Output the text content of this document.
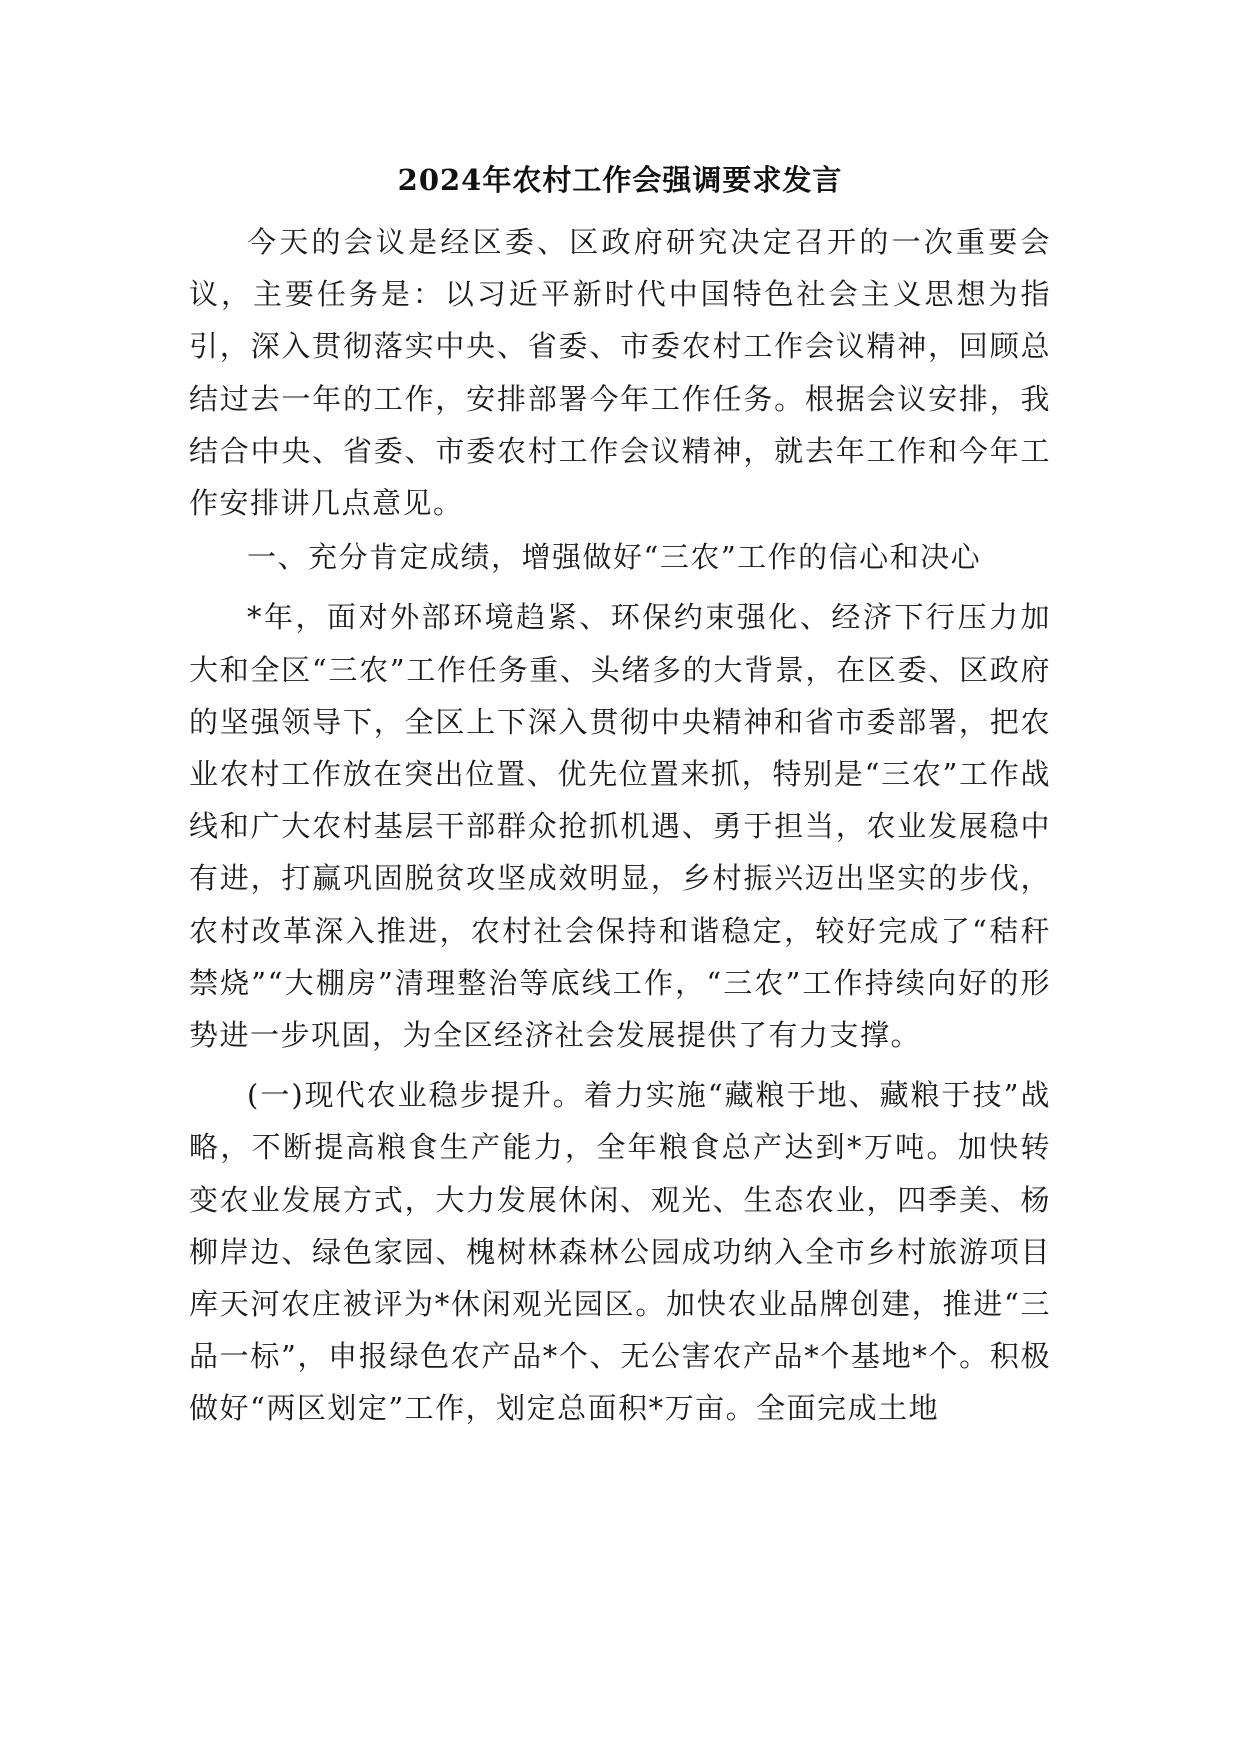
2024年农村工作会强调要求发言

今天的会议是经区委、区政府研究决定召开的一次重要会议，主要任务是：以习近平新时代中国特色社会主义思想为指引，深入贯彻落实中央、省委、市委农村工作会议精神，回顾总结过去一年的工作，安排部署今年工作任务。根据会议安排，我结合中央、省委、市委农村工作会议精神，就去年工作和今年工作安排讲几点意见。

一、充分肯定成绩，增强做好“三农”工作的信心和决心

*年，面对外部环境趋紧、环保约束强化、经济下行压力加大和全区“三农”工作任务重、头绪多的大背景，在区委、区政府的坚强领导下，全区上下深入贯彻中央精神和省市委部署，把农业农村工作放在突出位置、优先位置来抓，特别是“三农”工作战线和广大农村基层干部群众抢抓机遇、勇于担当，农业发展稳中有进，打赢巩固脱贫攻坚成效明显，乡村振兴迈出坚实的步伐，农村改革深入推进，农村社会保持和谐稳定，较好完成了“秸秆禁烧”“大棚房”清理整治等底线工作，“三农”工作持续向好的形势进一步巩固，为全区经济社会发展提供了有力支撑。

(一)现代农业稳步提升。着力实施“藏粮于地、藏粮于技”战略，不断提高粮食生产能力，全年粮食总产达到*万吨。加快转变农业发展方式，大力发展休闲、观光、生态农业，四季美、杨柳岸边、绿色家园、槐树林森林公园成功纳入全市乡村旅游项目库天河农庄被评为*休闲观光园区。加快农业品牌创建，推进“三品一标”，申报绿色农产品*个、无公害农产品*个基地*个。积极做好“两区划定”工作，划定总面积*万亩。全面完成土地
